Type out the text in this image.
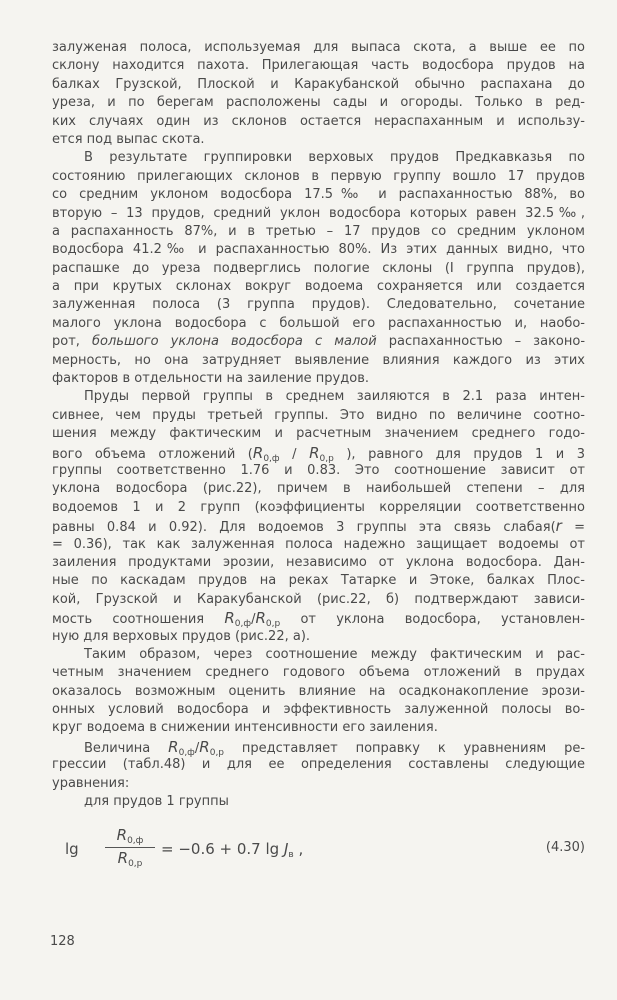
залуженая полоса, используемая для выпаса скота, а выше ее по
склону находится пахота. Прилегающая часть водосбора прудов на
балках Грузской, Плоской и Каракубанской обычно распахана до
уреза, и по берегам расположены сады и огороды. Только в ред-
ких случаях один из склонов остается нераспаханным и использу-
ется под выпас скота.
В результате группировки верховых прудов Предкавказья по
состоянию прилегающих склонов в первую группу вошло 17 прудов
со средним уклоном водосбора 17.5‰ и распаханностью 88%, во
вторую – 13 прудов, средний уклон водосбора которых равен 32.5‰,
а распаханность 87%, и в третью – 17 прудов со средним уклоном
водосбора 41.2‰ и распаханностью 80%. Из этих данных видно, что
распашке до уреза подверглись пологие склоны (I группа прудов),
а при крутых склонах вокруг водоема сохраняется или создается
залуженная полоса (3 группа прудов). Следовательно, сочетание
малого уклона водосбора с большой его распаханностью и, наобо-
рот, большого уклона водосбора с малой распаханностью – законо-
мерность, но она затрудняет выявление влияния каждого из этих
факторов в отдельности на заиление прудов.
Пруды первой группы в среднем заиляются в 2.1 раза интен-
сивнее, чем пруды третьей группы. Это видно по величине соотно-
шения между фактическим и расчетным значением среднего годо-
вого объема отложений ($R_{0,ф} / R_{0,р}$ ), равного для прудов 1 и 3
группы соответственно 1.76 и 0.83. Это соотношение зависит от
уклона водосбора (рис.22), причем в наибольшей степени – для
водоемов 1 и 2 групп (коэффициенты корреляции соответственно
равны 0.84 и 0.92). Для водоемов 3 группы эта связь слабая(r =
= 0.36), так как залуженная полоса надежно защищает водоемы от
заиления продуктами эрозии, независимо от уклона водосбора. Дан-
ные по каскадам прудов на реках Татарке и Этоке, балках Плос-
кой, Грузской и Каракубанской (рис.22, б) подтверждают зависи-
мость соотношения $R_{0,ф}/R_{0,р}$ от уклона водосбора, установлен-
ную для верховых прудов (рис.22, а).
Таким образом, через соотношение между фактическим и рас-
четным значением среднего годового объема отложений в прудах
оказалось возможным оценить влияние на осадконакопление эрози-
онных условий водосбора и эффективность залуженной полосы во-
круг водоема в снижении интенсивности его заиления.
Величина $R_{0,ф}/R_{0,р}$ представляет поправку к уравнениям ре-
грессии (табл.48) и для ее определения составлены следующие
уравнения:
для прудов 1 группы
lg
$R_{0,ф}$
$R_{0,р}$
= −0.6 + 0.7 $\lg J_в$ ,	(4.30)
128
